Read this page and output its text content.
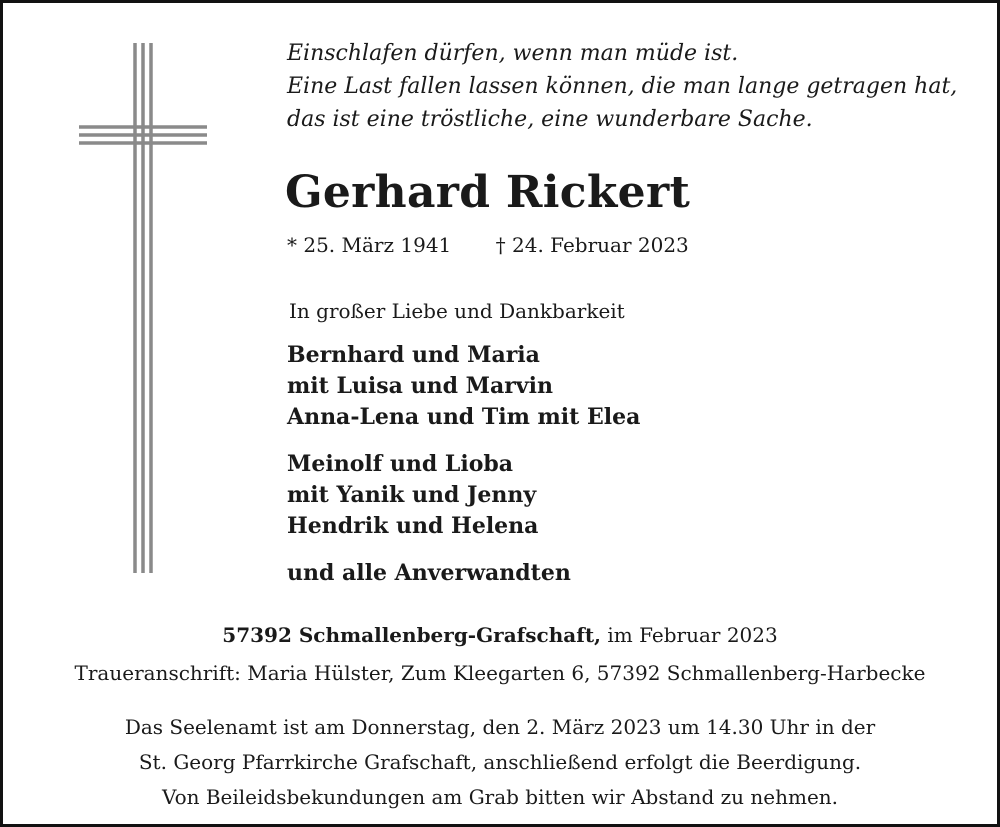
Einschlafen dürfen, wenn man müde ist.
Eine Last fallen lassen können, die man lange getragen hat,
das ist eine tröstliche, eine wunderbare Sache.
Gerhard Rickert
* 25. März 1941 † 24. Februar 2023
In großer Liebe und Dankbarkeit
Bernhard und Maria
mit Luisa und Marvin
Anna-Lena und Tim mit Elea
Meinolf und Lioba
mit Yanik und Jenny
Hendrik und Helena
und alle Anverwandten
57392 Schmallenberg-Grafschaft, im Februar 2023
Traueranschrift: Maria Hülster, Zum Kleegarten 6, 57392 Schmallenberg-Harbecke
Das Seelenamt ist am Donnerstag, den 2. März 2023 um 14.30 Uhr in der
St. Georg Pfarrkirche Grafschaft, anschließend erfolgt die Beerdigung.
Von Beileidsbekundungen am Grab bitten wir Abstand zu nehmen.
